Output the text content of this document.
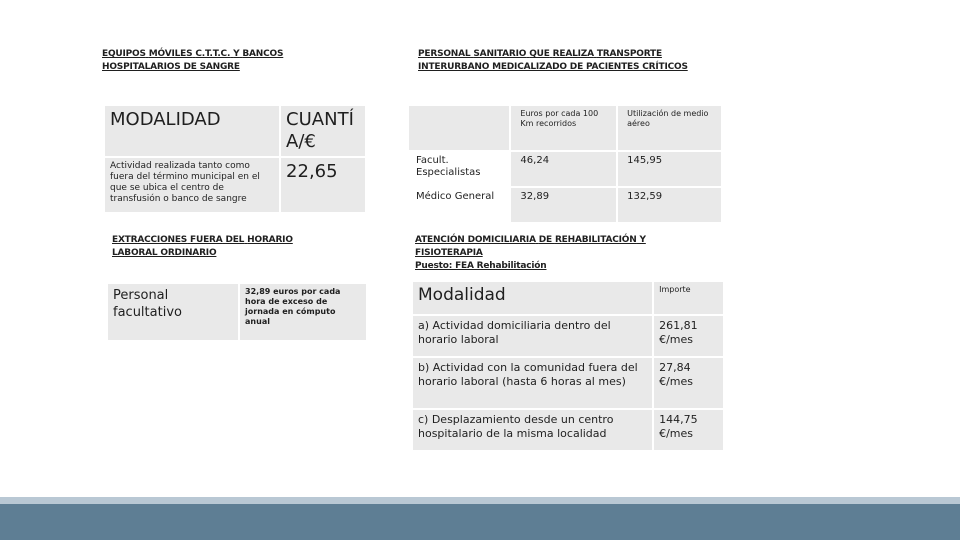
EQUIPOS MÓVILES C.T.T.C. Y BANCOS
HOSPITALARIOS DE SANGRE
MODALIDAD	CUANTÍ A/€
Actividad realizada tanto como fuera del término municipal en el que se ubica el centro de transfusión o banco de sangre	22,65
EXTRACCIONES FUERA DEL HORARIO
LABORAL ORDINARIO
Personal facultativo	32,89 euros por cada hora de exceso de jornada en cómputo anual
PERSONAL SANITARIO QUE REALIZA TRANSPORTE
INTERURBANO MEDICALIZADO DE PACIENTES CRÍTICOS
	Euros por cada 100 Km recorridos	Utilización de medio aéreo
Facult. Especialistas	46,24	145,95
Médico General	32,89	132,59
ATENCIÓN DOMICILIARIA DE REHABILITACIÓN Y
FISIOTERAPIA
Puesto: FEA Rehabilitación
Modalidad	Importe
a) Actividad domiciliaria dentro del horario laboral	261,81 €/mes
b) Actividad con la comunidad fuera del horario laboral (hasta 6 horas al mes)	27,84 €/mes
c) Desplazamiento desde un centro hospitalario de la misma localidad	144,75 €/mes
